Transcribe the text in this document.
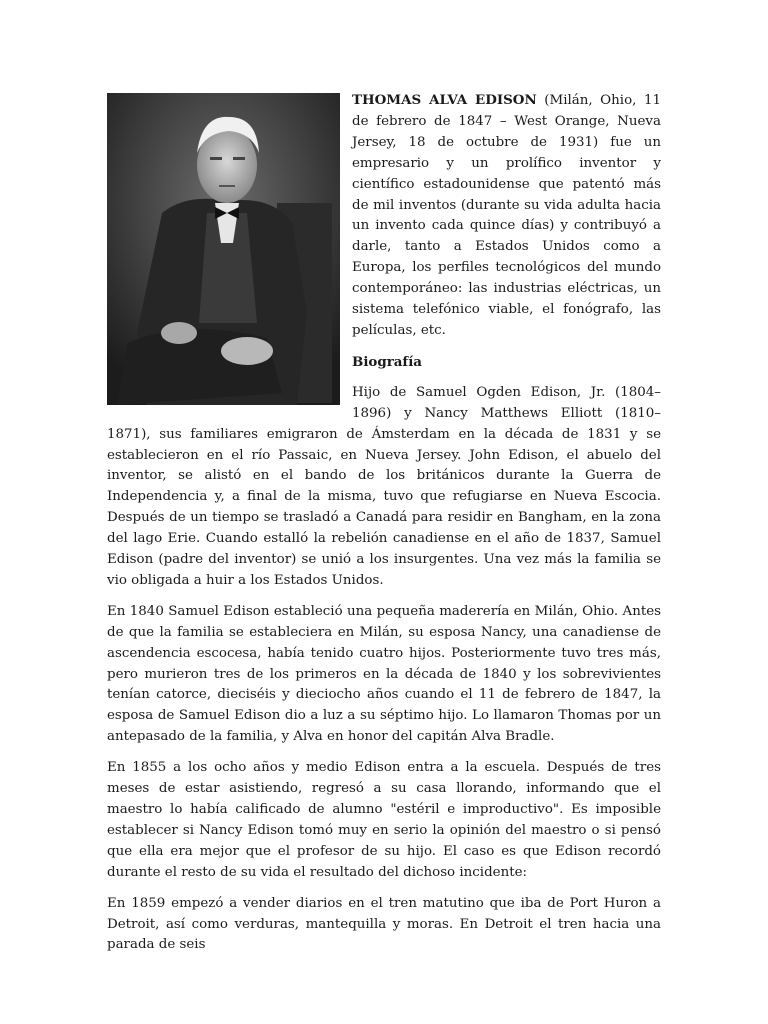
THOMAS ALVA EDISON
(Milán, Ohio, 11 de febrero de 1847 – West Orange, Nueva Jersey, 18 de octubre de 1931) fue un empresario y un prolífico inventor y científico estadounidense que patentó más de mil inventos (durante su vida adulta hacia un invento cada quince días) y contribuyó a darle, tanto a Estados Unidos como a Europa, los perfiles tecnológicos del mundo contemporáneo: las industrias eléctricas, un sistema telefónico viable, el fonógrafo, las películas, etc.

Biografía

Hijo de Samuel Ogden Edison, Jr. (1804–1896) y Nancy Matthews Elliott (1810–1871), sus familiares emigraron de Ámsterdam en la década de 1831 y se establecieron en el río Passaic, en Nueva Jersey. John Edison, el abuelo del inventor, se alistó en el bando de los británicos durante la Guerra de Independencia y, a final de la misma, tuvo que refugiarse en Nueva Escocia. Después de un tiempo se trasladó a Canadá para residir en Bangham, en la zona del lago Erie. Cuando estalló la rebelión canadiense en el año de 1837, Samuel Edison (padre del inventor) se unió a los insurgentes. Una vez más la familia se vio obligada a huir a los Estados Unidos.

En 1840 Samuel Edison estableció una pequeña maderería en Milán, Ohio. Antes de que la familia se estableciera en Milán, su esposa Nancy, una canadiense de ascendencia escocesa, había tenido cuatro hijos. Posteriormente tuvo tres más, pero murieron tres de los primeros en la década de 1840 y los sobrevivientes tenían catorce, dieciséis y dieciocho años cuando el 11 de febrero de 1847, la esposa de Samuel Edison dio a luz a su séptimo hijo. Lo llamaron Thomas por un antepasado de la familia, y Alva en honor del capitán Alva Bradle.

En 1855 a los ocho años y medio Edison entra a la escuela. Después de tres meses de estar asistiendo, regresó a su casa llorando, informando que el maestro lo había calificado de alumno "estéril e improductivo". Es imposible establecer si Nancy Edison tomó muy en serio la opinión del maestro o si pensó que ella era mejor que el profesor de su hijo. El caso es que Edison recordó durante el resto de su vida el resultado del dichoso incidente:

En 1859 empezó a vender diarios en el tren matutino que iba de Port Huron a Detroit, así como verduras, mantequilla y moras. En Detroit el tren hacia una parada de seis
